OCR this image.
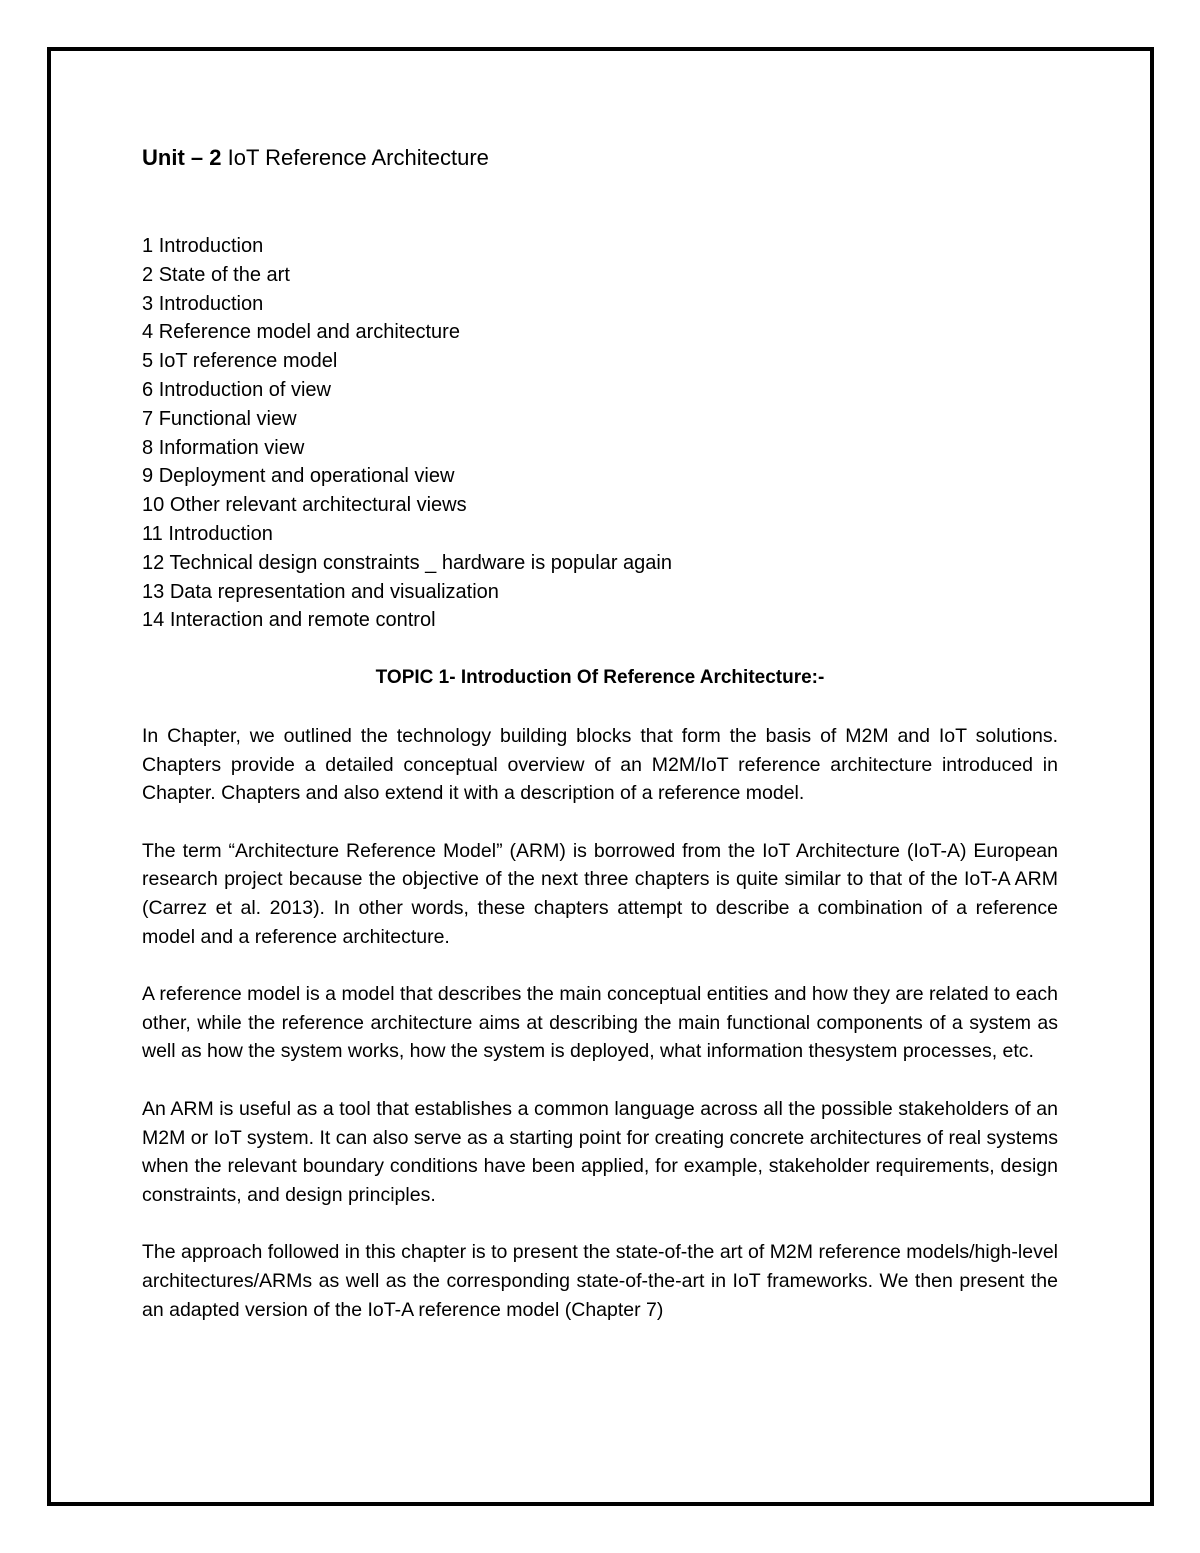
Unit – 2 IoT Reference Architecture
1 Introduction
2 State of the art
3 Introduction
4 Reference model and architecture
5 IoT reference model
6 Introduction of view
7 Functional view
8 Information view
9 Deployment and operational view
10 Other relevant architectural views
11 Introduction
12 Technical design constraints _ hardware is popular again
13 Data representation and visualization
14 Interaction and remote control
TOPIC 1- Introduction Of Reference Architecture:-

In Chapter, we outlined the technology building blocks that form the basis of M2M and IoT solutions. Chapters provide a detailed conceptual overview of an M2M/IoT reference architecture introduced in Chapter. Chapters and also extend it with a description of a reference model.

The term “Architecture Reference Model” (ARM) is borrowed from the IoT Architecture (IoT-A) European research project because the objective of the next three chapters is quite similar to that of the IoT-A ARM (Carrez et al. 2013). In other words, these chapters attempt to describe a combination of a reference model and a reference architecture.

A reference model is a model that describes the main conceptual entities and how they are related to each other, while the reference architecture aims at describing the main functional components of a system as well as how the system works, how the system is deployed, what information thesystem processes, etc.

An ARM is useful as a tool that establishes a common language across all the possible stakeholders of an M2M or IoT system. It can also serve as a starting point for creating concrete architectures of real systems when the relevant boundary conditions have been applied, for example, stakeholder requirements, design constraints, and design principles.

The approach followed in this chapter is to present the state-of-the art of M2M reference models/high-level architectures/ARMs as well as the corresponding state-of-the-art in IoT frameworks. We then present the an adapted version of the IoT-A reference model (Chapter 7)
